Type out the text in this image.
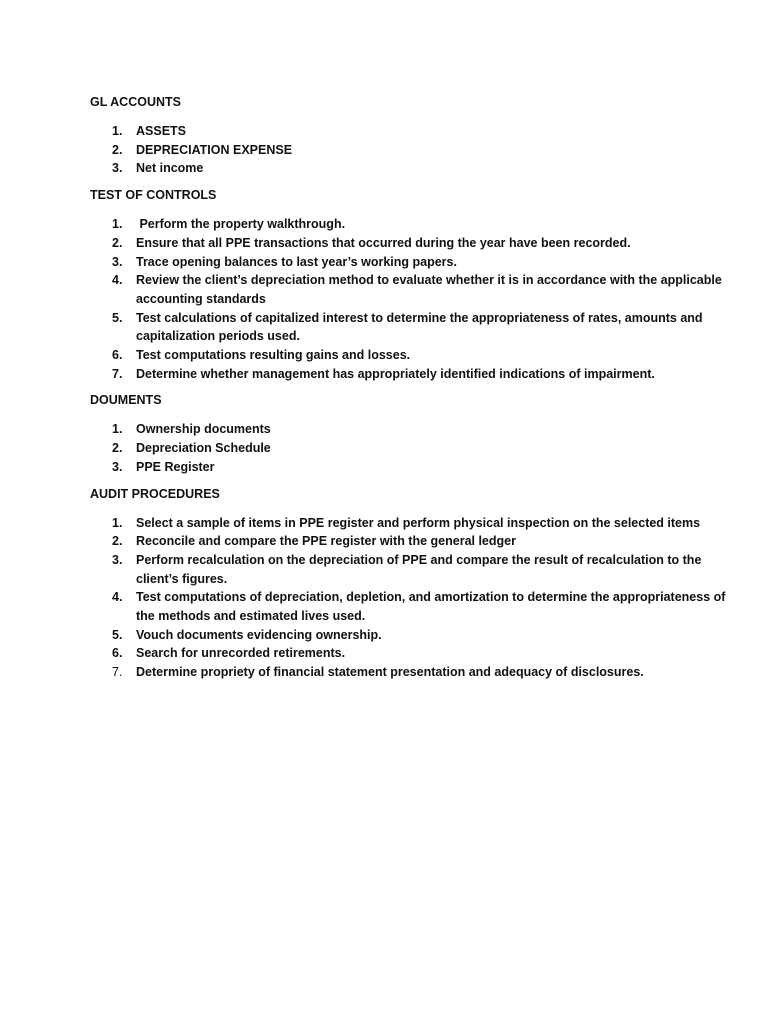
GL ACCOUNTS

1.	ASSETS
2.	DEPRECIATION EXPENSE
3.	Net income

TEST OF CONTROLS

1.	Perform the property walkthrough.
2.	Ensure that all PPE transactions that occurred during the year have been recorded.
3.	Trace opening balances to last year’s working papers.
4.	Review the client’s depreciation method to evaluate whether it is in accordance with the applicable accounting standards
5.	Test calculations of capitalized interest to determine the appropriateness of rates, amounts and capitalization periods used.
6.	Test computations resulting gains and losses.
7.	Determine whether management has appropriately identified indications of impairment.

DOUMENTS

1.	Ownership documents
2.	Depreciation Schedule
3.	PPE Register

AUDIT PROCEDURES

1.	Select a sample of items in PPE register and perform physical inspection on the selected items
2.	Reconcile and compare the PPE register with the general ledger
3.	Perform recalculation on the depreciation of PPE and compare the result of recalculation to the client’s figures.
4.	Test computations of depreciation, depletion, and amortization to determine the appropriateness of the methods and estimated lives used.
5.	Vouch documents evidencing ownership.
6.	Search for unrecorded retirements.
7.	Determine propriety of financial statement presentation and adequacy of disclosures.
